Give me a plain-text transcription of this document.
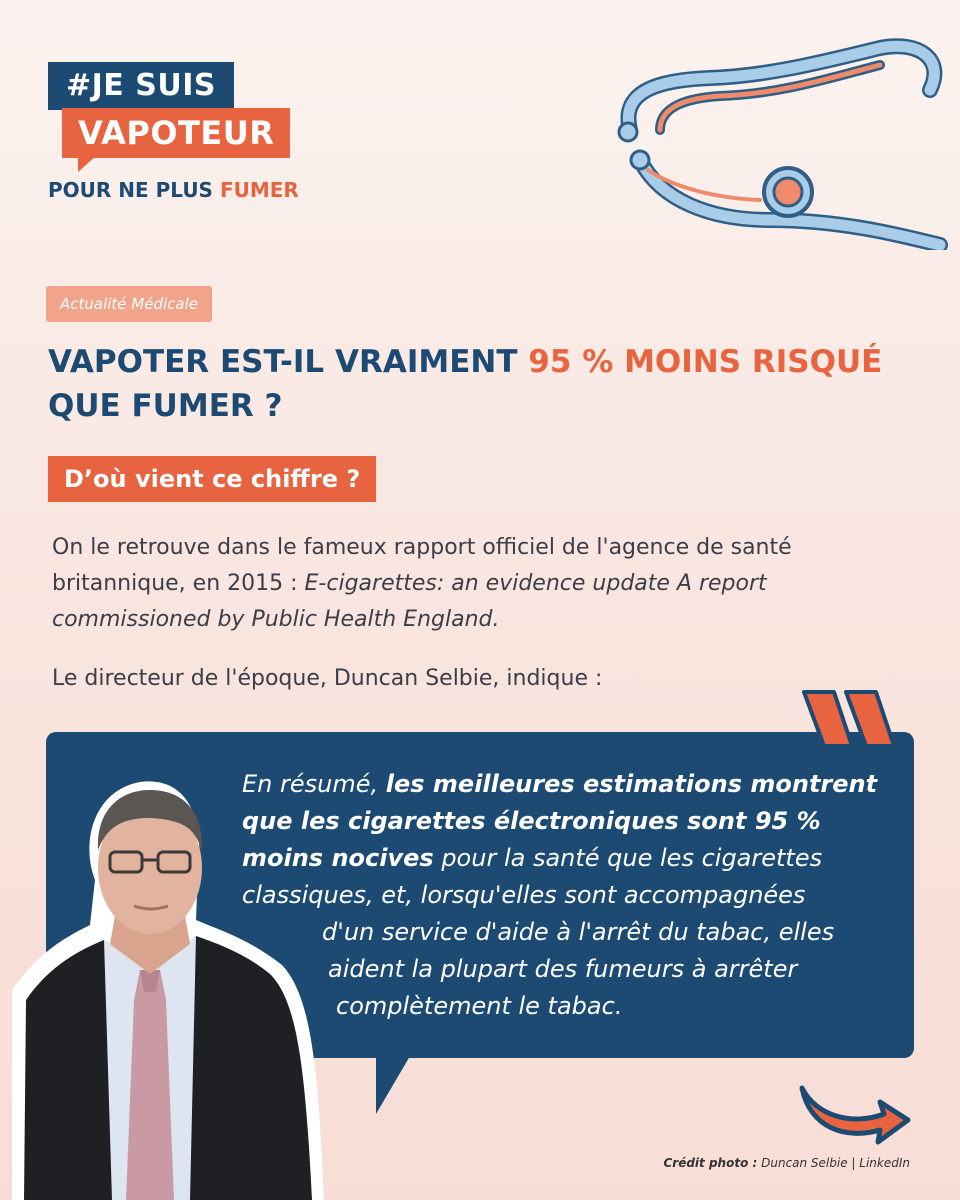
#JE SUIS
VAPOTEUR
POUR NE PLUS FUMER
Actualité Médicale
VAPOTER EST-IL VRAIMENT 95 % MOINS RISQUÉ
QUE FUMER ?
D’où vient ce chiffre ?
On le retrouve dans le fameux rapport officiel de l'agence de santé britannique, en 2015 : E-cigarettes: an evidence update A report commissioned by Public Health England.
Le directeur de l'époque, Duncan Selbie, indique :
En résumé, les meilleures estimations montrent
que les cigarettes électroniques sont 95 %
moins nocives pour la santé que les cigarettes
classiques, et, lorsqu'elles sont accompagnées
d'un service d'aide à l'arrêt du tabac, elles
aident la plupart des fumeurs à arrêter
complètement le tabac.
Crédit photo : Duncan Selbie | LinkedIn
